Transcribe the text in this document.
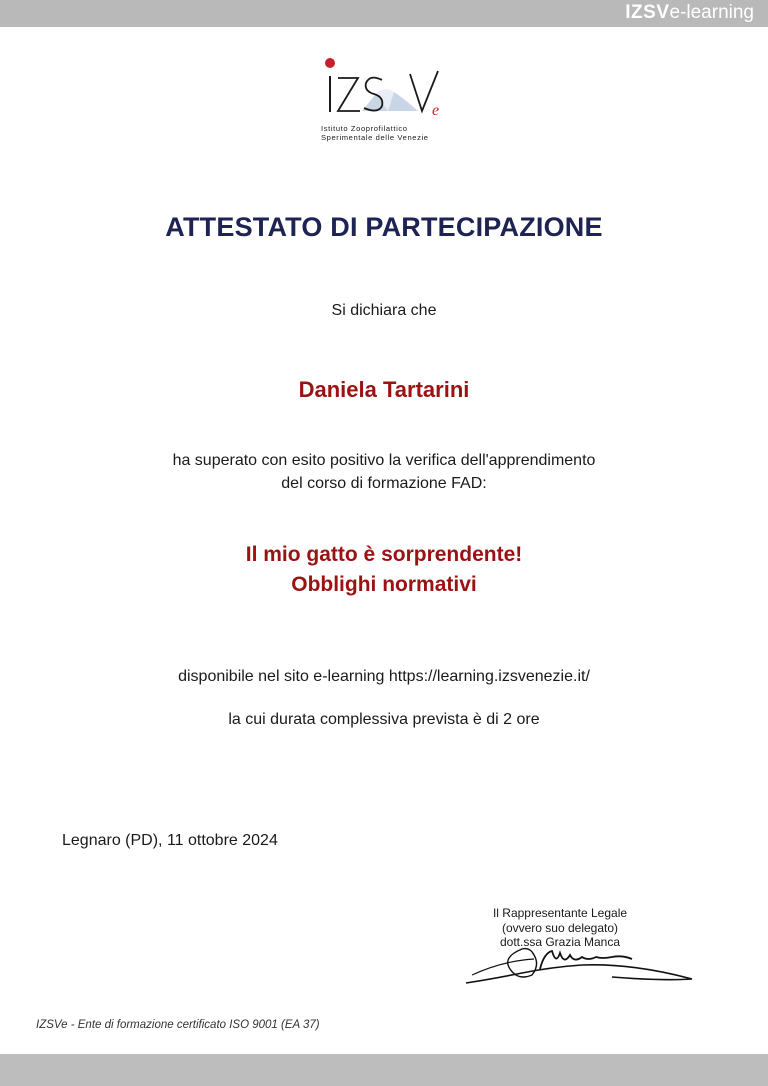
IZSVe-learning
e
Istituto Zooprofilattico
Sperimentale delle Venezie
ATTESTATO DI PARTECIPAZIONE
Si dichiara che
Daniela Tartarini
ha superato con esito positivo la verifica dell'apprendimento
del corso di formazione FAD:
Il mio gatto è sorprendente!
Obblighi normativi
disponibile nel sito e-learning https://learning.izsvenezie.it/
la cui durata complessiva prevista è di 2 ore
Legnaro (PD), 11 ottobre 2024
Il Rappresentante Legale
(ovvero suo delegato)
dott.ssa Grazia Manca
IZSVe - Ente di formazione certificato ISO 9001 (EA 37)
